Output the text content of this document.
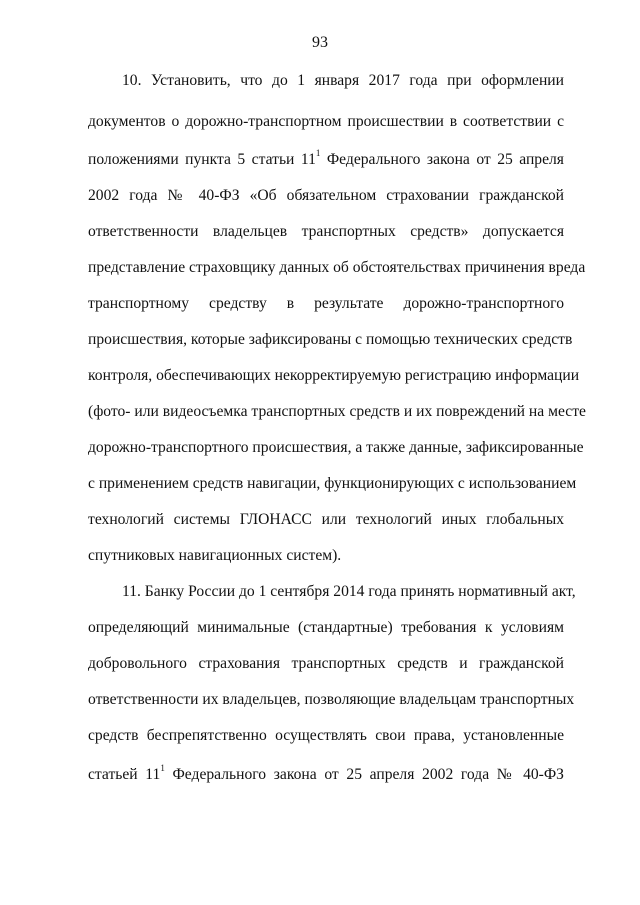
93
10. Установить, что до 1 января 2017 года при оформлении
документов о дорожно-транспортном происшествии в соответствии с
положениями пункта 5 статьи $11^1$ Федерального закона от 25 апреля
2002 года № 40-ФЗ «Об обязательном страховании гражданской
ответственности владельцев транспортных средств» допускается
представление страховщику данных об обстоятельствах причинения вреда
транспортному средству в результате дорожно-транспортного
происшествия, которые зафиксированы с помощью технических средств
контроля, обеспечивающих некорректируемую регистрацию информации
(фото- или видеосъемка транспортных средств и их повреждений на месте
дорожно-транспортного происшествия, а также данные, зафиксированные
с применением средств навигации, функционирующих с использованием
технологий системы ГЛОНАСС или технологий иных глобальных
спутниковых навигационных систем).
11. Банку России до 1 сентября 2014 года принять нормативный акт,
определяющий минимальные (стандартные) требования к условиям
добровольного страхования транспортных средств и гражданской
ответственности их владельцев, позволяющие владельцам транспортных
средств беспрепятственно осуществлять свои права, установленные
статьей $11^1$ Федерального закона от 25 апреля 2002 года № 40-ФЗ
